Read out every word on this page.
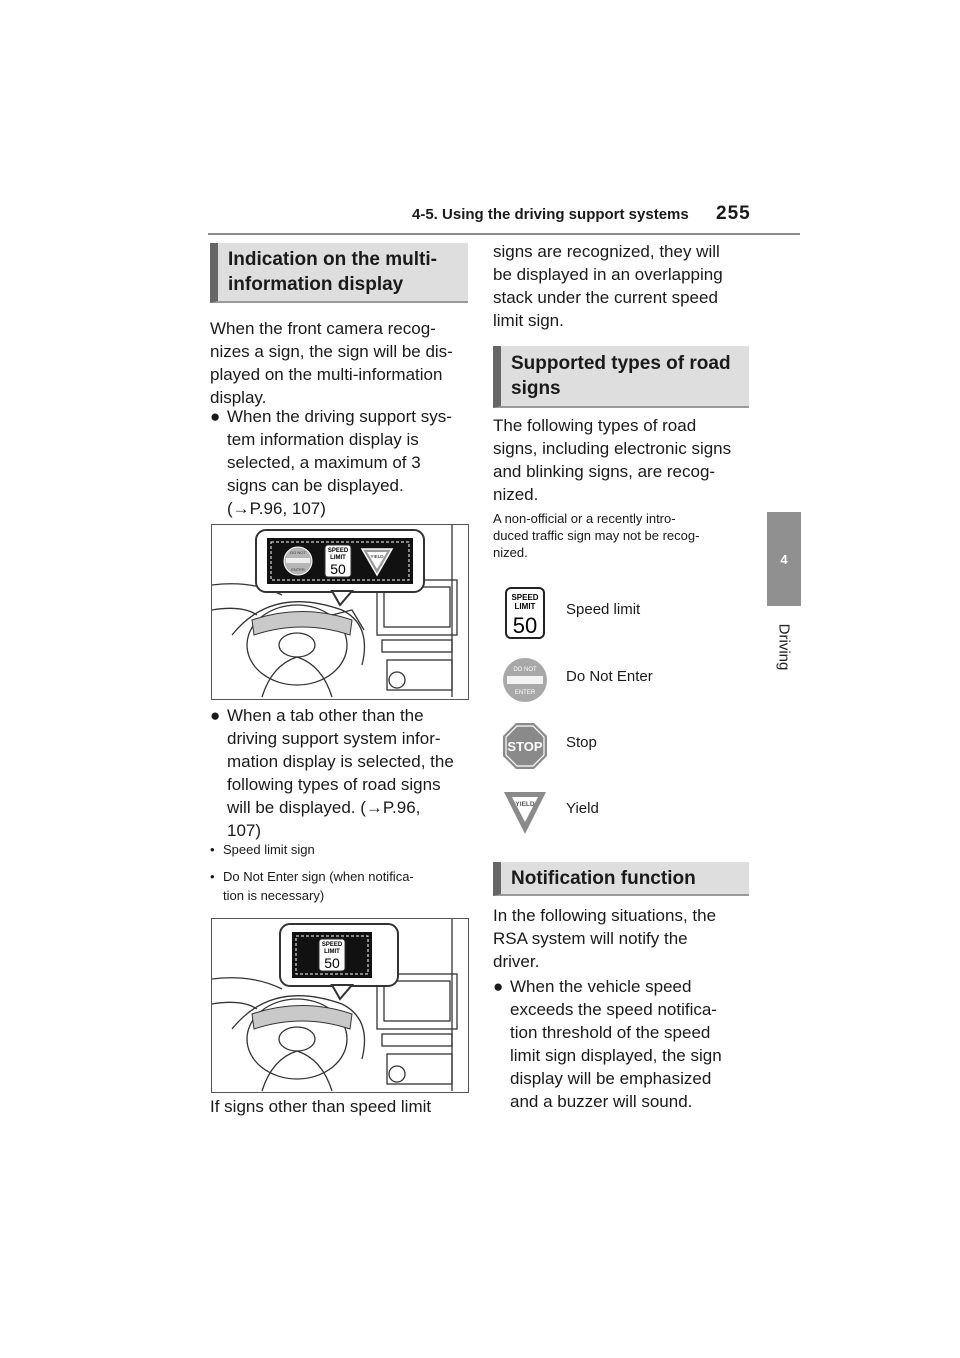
4-5. Using the driving support systems 255
4
Driving
Indication on the multi-
information display

When the front camera recog-
nizes a sign, the sign will be dis-
played on the multi-information
display.

● When the driving support sys-
tem information display is
selected, a maximum of 3
signs can be displayed.
(→P.96, 107)
DO NOT
ENTER
SPEED
LIMIT
50
YIELD
● When a tab other than the
driving support system infor-
mation display is selected, the
following types of road signs
will be displayed. (→P.96,
107)
• Speed limit sign
• Do Not Enter sign (when notifica-
tion is necessary)
SPEED
LIMIT
50

If signs other than speed limit

signs are recognized, they will
be displayed in an overlapping
stack under the current speed
limit sign.

Supported types of road
signs

The following types of road
signs, including electronic signs
and blinking signs, are recog-
nized.

A non-official or a recently intro-
duced traffic sign may not be recog-
nized.

SPEED
LIMIT
50
Speed limit
DO NOT
ENTER
Do Not Enter
STOP Stop
YIELD Yield
Notification function

In the following situations, the
RSA system will notify the
driver.

● When the vehicle speed
exceeds the speed notifica-
tion threshold of the speed
limit sign displayed, the sign
display will be emphasized
and a buzzer will sound.
